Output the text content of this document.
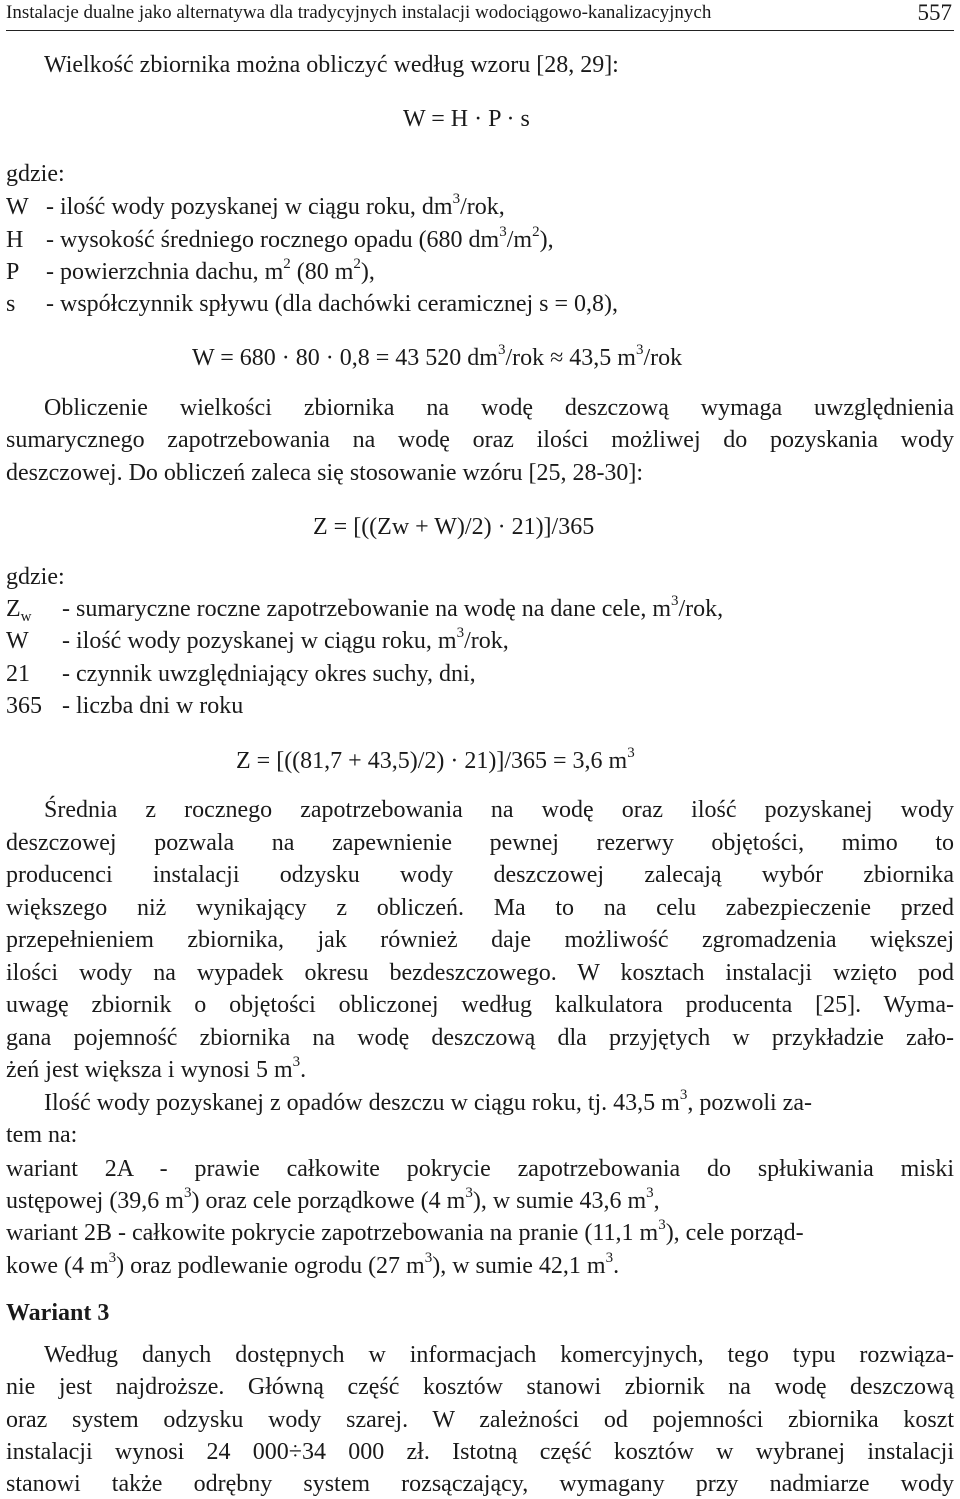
Instalacje dualne jako alternatywa dla tradycyjnych instalacji wodociągowo-kanalizacyjnych	557
Wielkość zbiornika można obliczyć według wzoru [28, 29]:
W = H · P · s
gdzie:
W - ilość wody pozyskanej w ciągu roku, $dm^3$/rok,
H - wysokość średniego rocznego opadu (680 $dm^3/m^2$),
P - powierzchnia dachu, $m^2$ (80 $m^2$),
s - współczynnik spływu (dla dachówki ceramicznej s = 0,8),
W = 680 · 80 · 0,8 = 43 520 $dm^3$/rok ≈ 43,5 $m^3$/rok
Obliczenie wielkości zbiornika na wodę deszczową wymaga uwzględnienia
sumarycznego zapotrzebowania na wodę oraz ilości możliwej do pozyskania wody
deszczowej. Do obliczeń zaleca się stosowanie wzóru [25, 28-30]:
Z = [((Zw + W)/2) · 21)]/365
gdzie:
$Z_w$ - sumaryczne roczne zapotrzebowanie na wodę na dane cele, $m^3$/rok,
W - ilość wody pozyskanej w ciągu roku, $m^3$/rok,
21 - czynnik uwzględniający okres suchy, dni,
365 - liczba dni w roku
Z = [((81,7 + 43,5)/2) · 21)]/365 = 3,6 $m^3$
Średnia z rocznego zapotrzebowania na wodę oraz ilość pozyskanej wody
deszczowej pozwala na zapewnienie pewnej rezerwy objętości, mimo to
producenci instalacji odzysku wody deszczowej zalecają wybór zbiornika
większego niż wynikający z obliczeń. Ma to na celu zabezpieczenie przed
przepełnieniem zbiornika, jak również daje możliwość zgromadzenia większej
ilości wody na wypadek okresu bezdeszczowego. W kosztach instalacji wzięto pod
uwagę zbiornik o objętości obliczonej według kalkulatora producenta [25]. Wyma-
gana pojemność zbiornika na wodę deszczową dla przyjętych w przykładzie zało-
żeń jest większa i wynosi 5 $m^3$.
Ilość wody pozyskanej z opadów deszczu w ciągu roku, tj. 43,5 $m^3$, pozwoli za-
tem na:
wariant 2A - prawie całkowite pokrycie zapotrzebowania do spłukiwania miski
ustępowej (39,6 $m^3$) oraz cele porządkowe (4 $m^3$), w sumie 43,6 $m^3$,
wariant 2B - całkowite pokrycie zapotrzebowania na pranie (11,1 $m^3$), cele porząd-
kowe (4 $m^3$) oraz podlewanie ogrodu (27 $m^3$), w sumie 42,1 $m^3$.
Wariant 3
Według danych dostępnych w informacjach komercyjnych, tego typu rozwiąza-
nie jest najdroższe. Główną część kosztów stanowi zbiornik na wodę deszczową
oraz system odzysku wody szarej. W zależności od pojemności zbiornika koszt
instalacji wynosi 24 000÷34 000 zł. Istotną część kosztów w wybranej instalacji
stanowi także odrębny system rozsączający, wymagany przy nadmiarze wody
